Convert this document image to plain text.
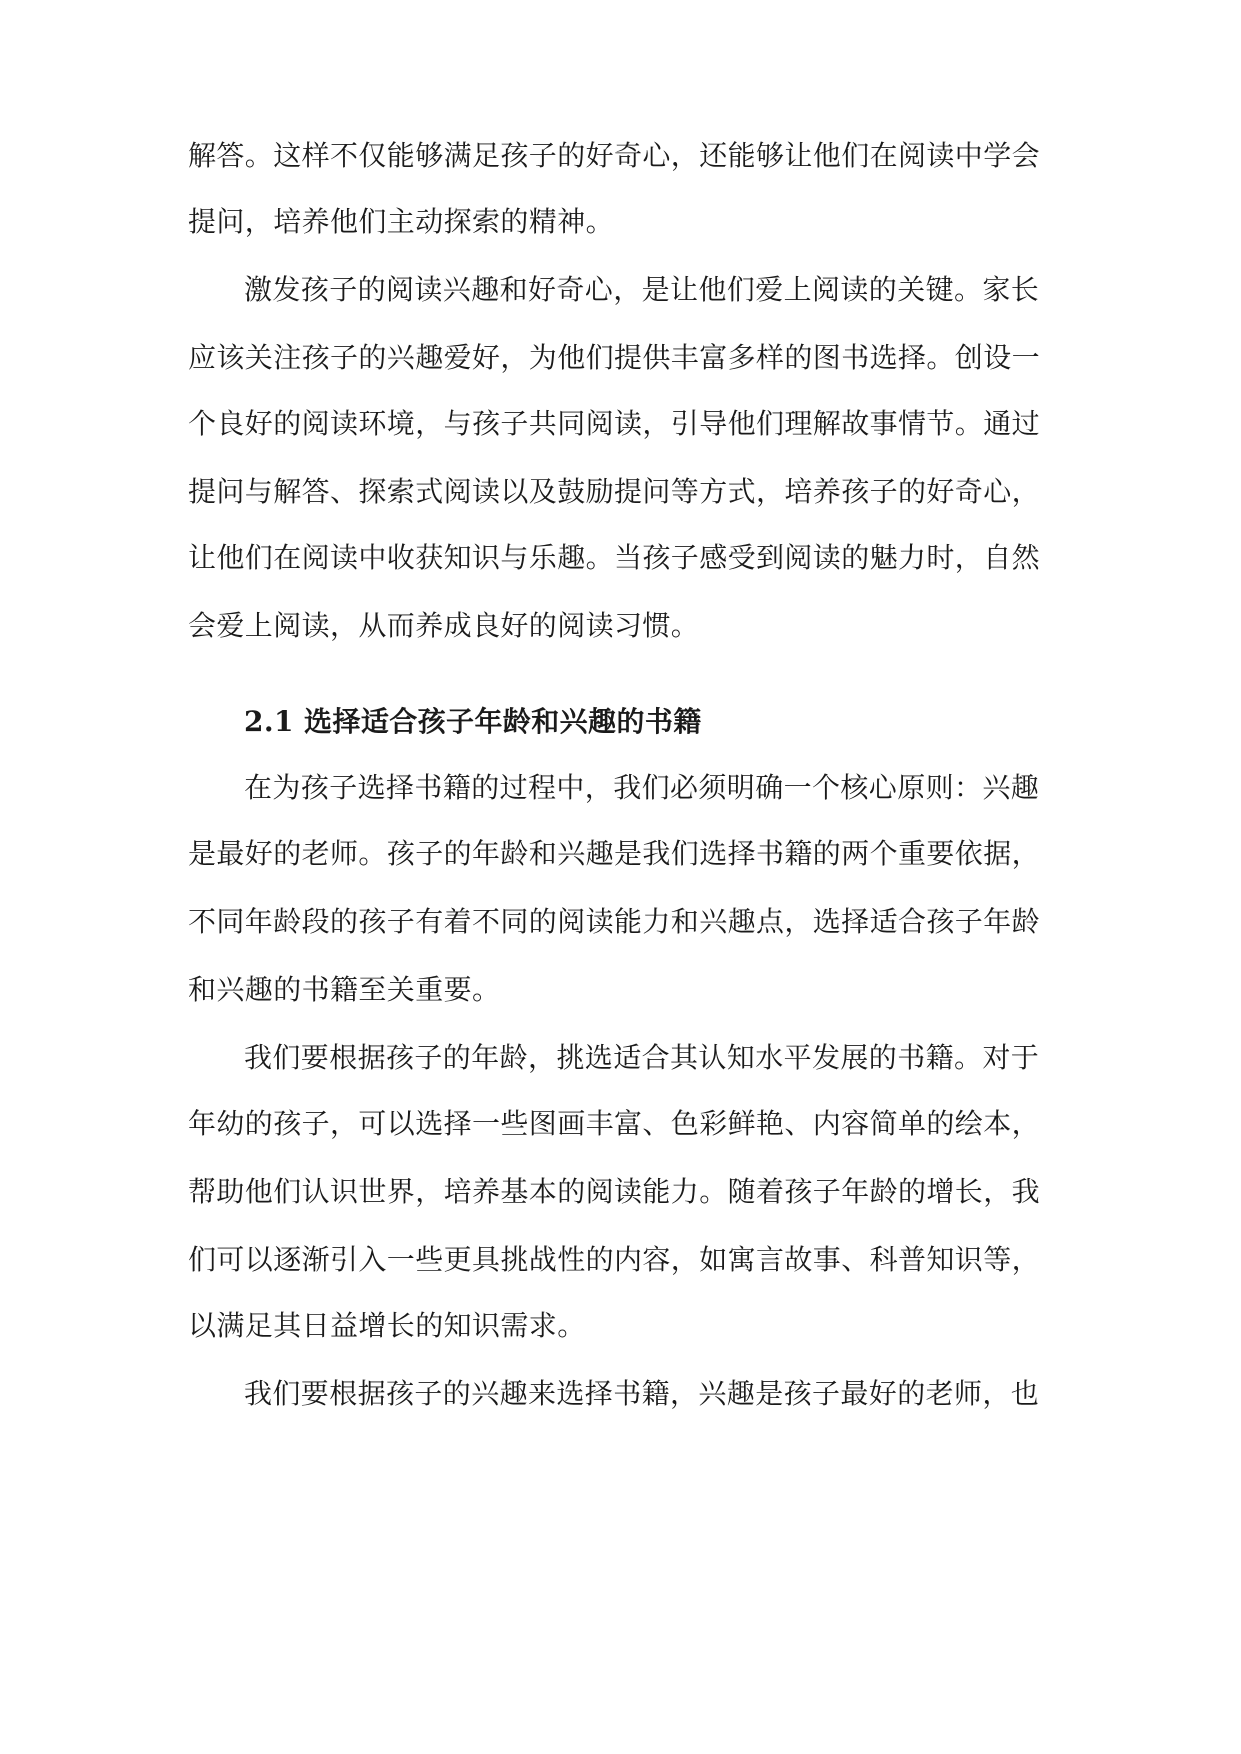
解答。这样不仅能够满足孩子的好奇心，还能够让他们在阅读中学会
提问，培养他们主动探索的精神。
激发孩子的阅读兴趣和好奇心，是让他们爱上阅读的关键。家长
应该关注孩子的兴趣爱好，为他们提供丰富多样的图书选择。创设一
个良好的阅读环境，与孩子共同阅读，引导他们理解故事情节。通过
提问与解答、探索式阅读以及鼓励提问等方式，培养孩子的好奇心，
让他们在阅读中收获知识与乐趣。当孩子感受到阅读的魅力时，自然
会爱上阅读，从而养成良好的阅读习惯。
2.1 选择适合孩子年龄和兴趣的书籍
在为孩子选择书籍的过程中，我们必须明确一个核心原则：兴趣
是最好的老师。孩子的年龄和兴趣是我们选择书籍的两个重要依据，
不同年龄段的孩子有着不同的阅读能力和兴趣点，选择适合孩子年龄
和兴趣的书籍至关重要。
我们要根据孩子的年龄，挑选适合其认知水平发展的书籍。对于
年幼的孩子，可以选择一些图画丰富、色彩鲜艳、内容简单的绘本，
帮助他们认识世界，培养基本的阅读能力。随着孩子年龄的增长，我
们可以逐渐引入一些更具挑战性的内容，如寓言故事、科普知识等，
以满足其日益增长的知识需求。
我们要根据孩子的兴趣来选择书籍，兴趣是孩子最好的老师，也
